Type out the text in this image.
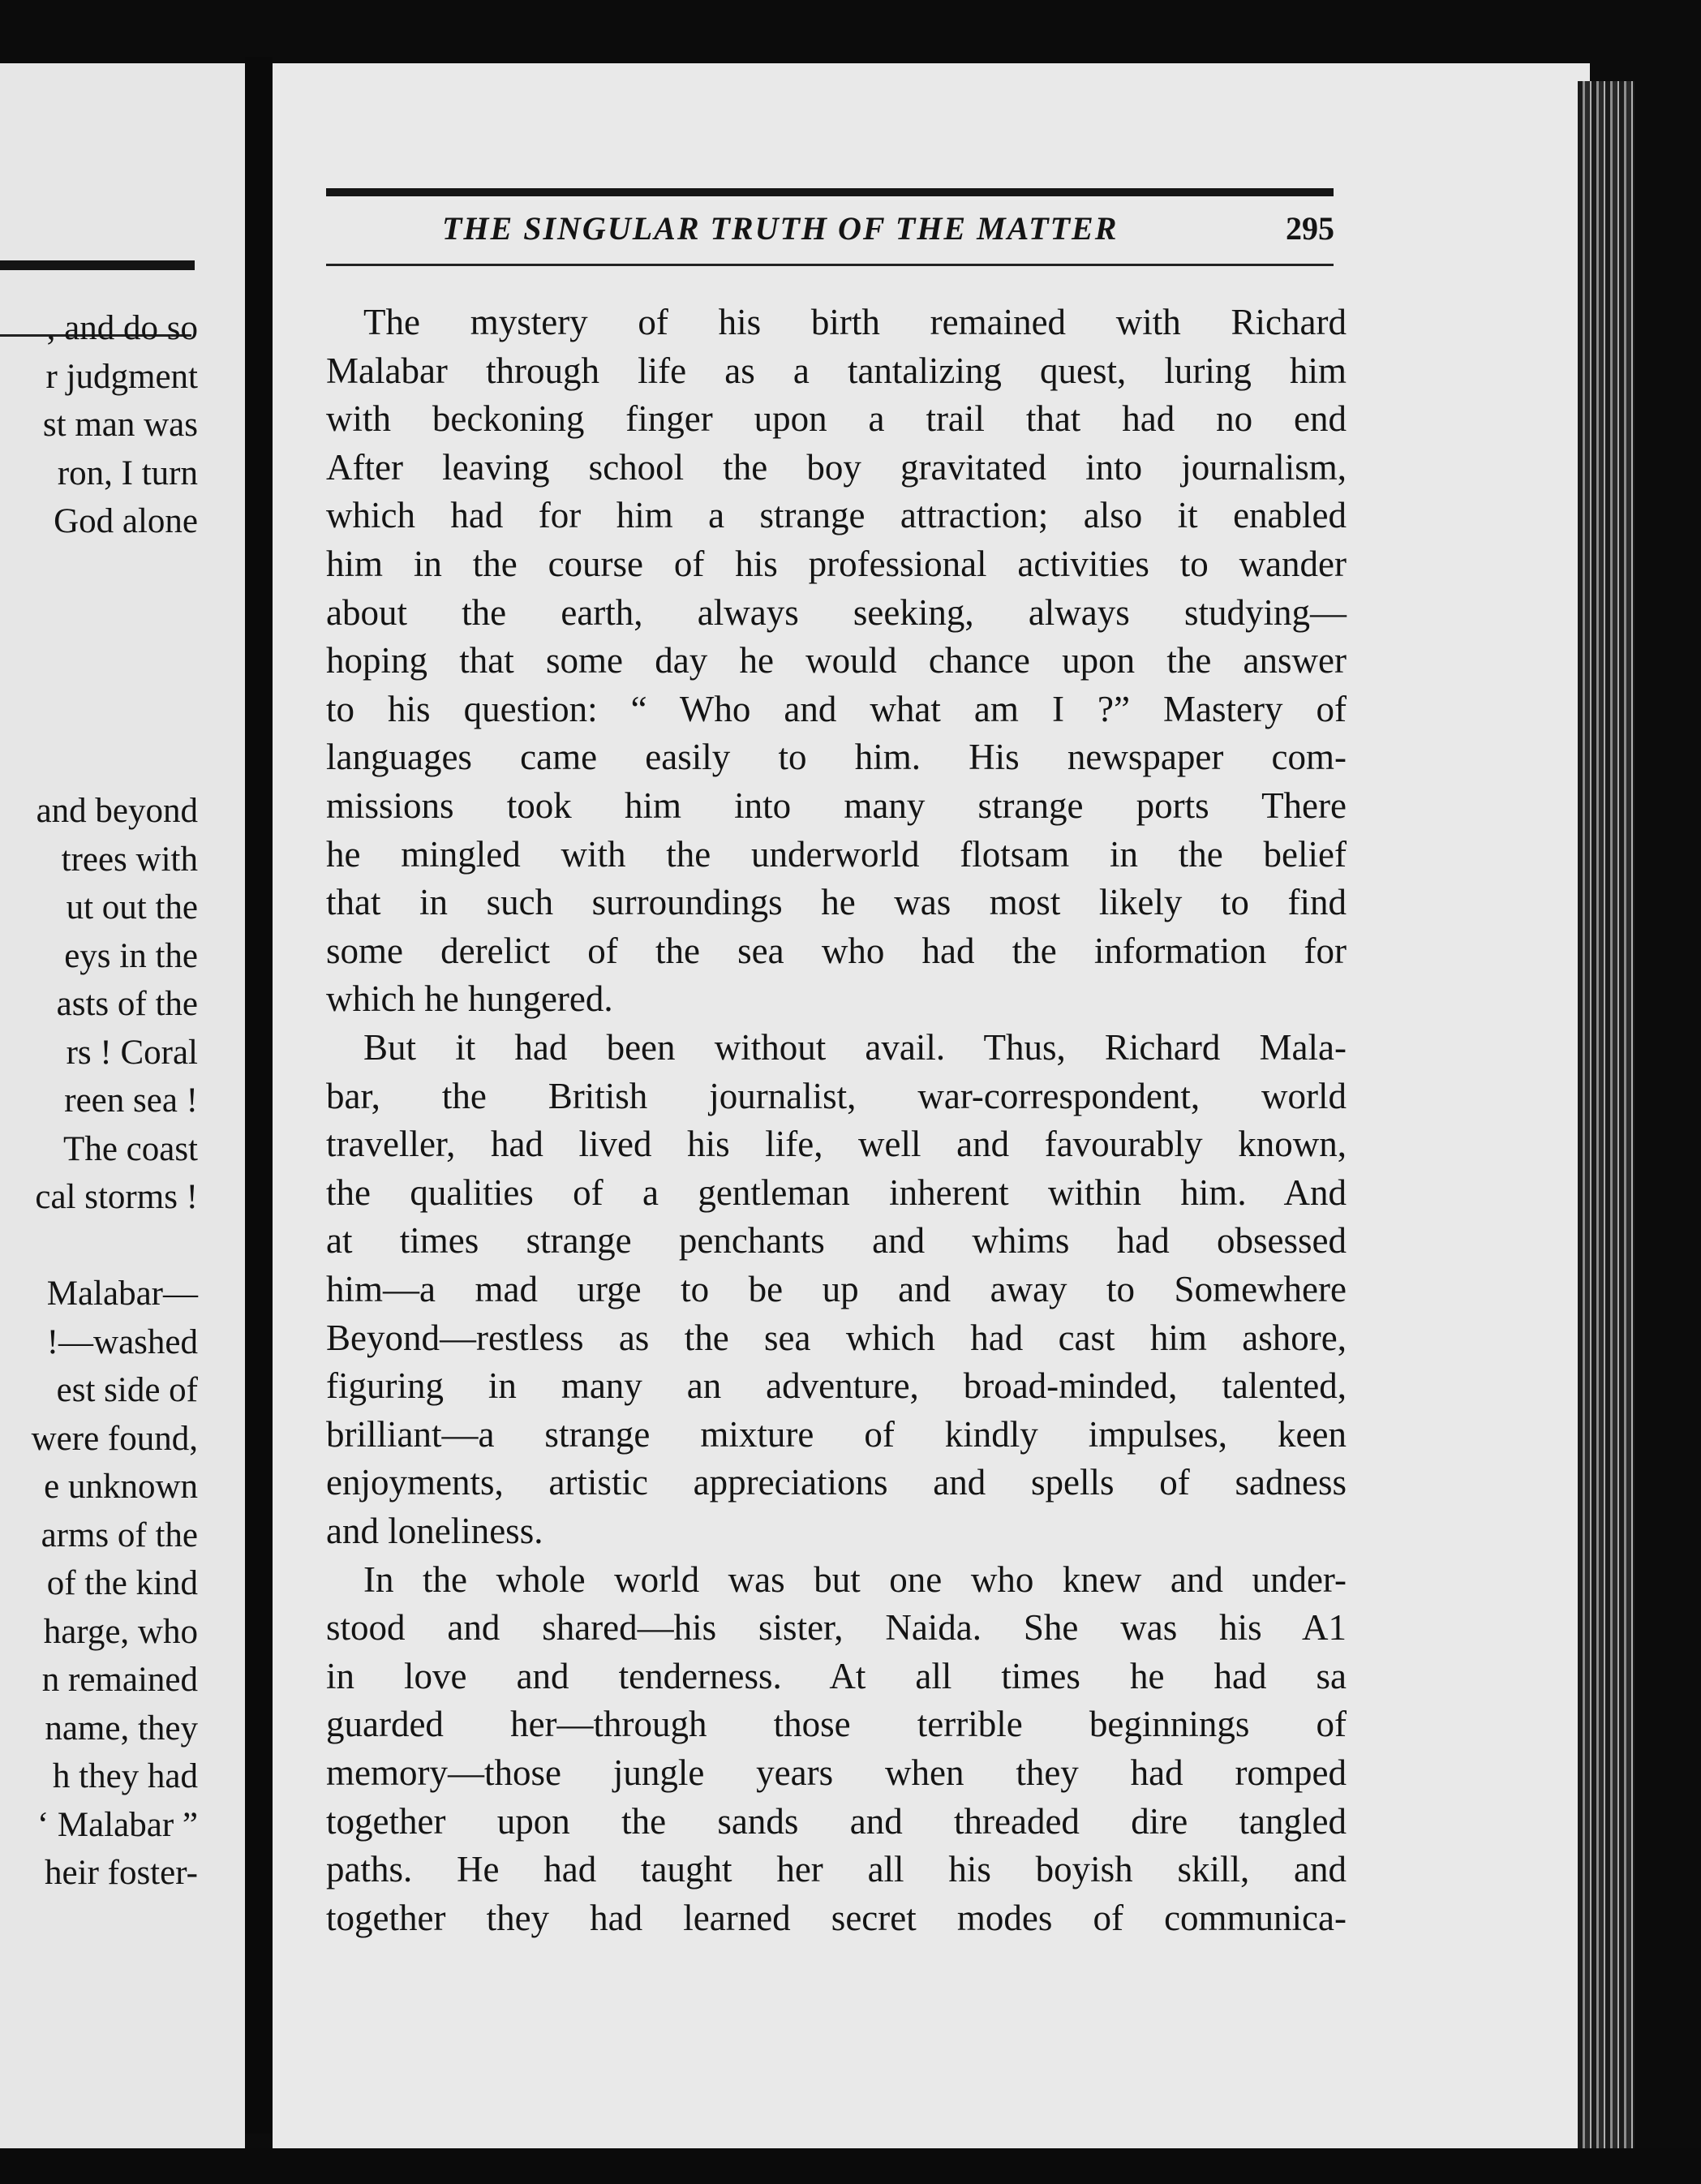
, and do so
r judgment
st man was
ron, I turn
God alone
and beyond
trees with
ut out the
eys in the
asts of the
rs ! Coral
reen sea !
The coast
cal storms !
Malabar—
!—washed
est side of
were found,
e unknown
arms of the
of the kind
harge, who
n remained
name, they
h they had
‘ Malabar ”
heir foster-
THE SINGULAR TRUTH OF THE MATTER	295
The mystery of his birth remained with Richard
Malabar through life as a tantalizing quest, luring him
with beckoning finger upon a trail that had no end
After leaving school the boy gravitated into journalism,
which had for him a strange attraction; also it enabled
him in the course of his professional activities to wander
about the earth, always seeking, always studying—
hoping that some day he would chance upon the answer
to his question: “ Who and what am I ?” Mastery of
languages came easily to him. His newspaper com-
missions took him into many strange ports There
he mingled with the underworld flotsam in the belief
that in such surroundings he was most likely to find
some derelict of the sea who had the information for
which he hungered.
But it had been without avail. Thus, Richard Mala-
bar, the British journalist, war-correspondent, world
traveller, had lived his life, well and favourably known,
the qualities of a gentleman inherent within him. And
at times strange penchants and whims had obsessed
him—a mad urge to be up and away to Somewhere
Beyond—restless as the sea which had cast him ashore,
figuring in many an adventure, broad-minded, talented,
brilliant—a strange mixture of kindly impulses, keen
enjoyments, artistic appreciations and spells of sadness
and loneliness.
In the whole world was but one who knew and under-
stood and shared—his sister, Naida. She was his A1
in love and tenderness. At all times he had sa
guarded her—through those terrible beginnings of
memory—those jungle years when they had romped
together upon the sands and threaded dire tangled
paths. He had taught her all his boyish skill, and
together they had learned secret modes of communica-
